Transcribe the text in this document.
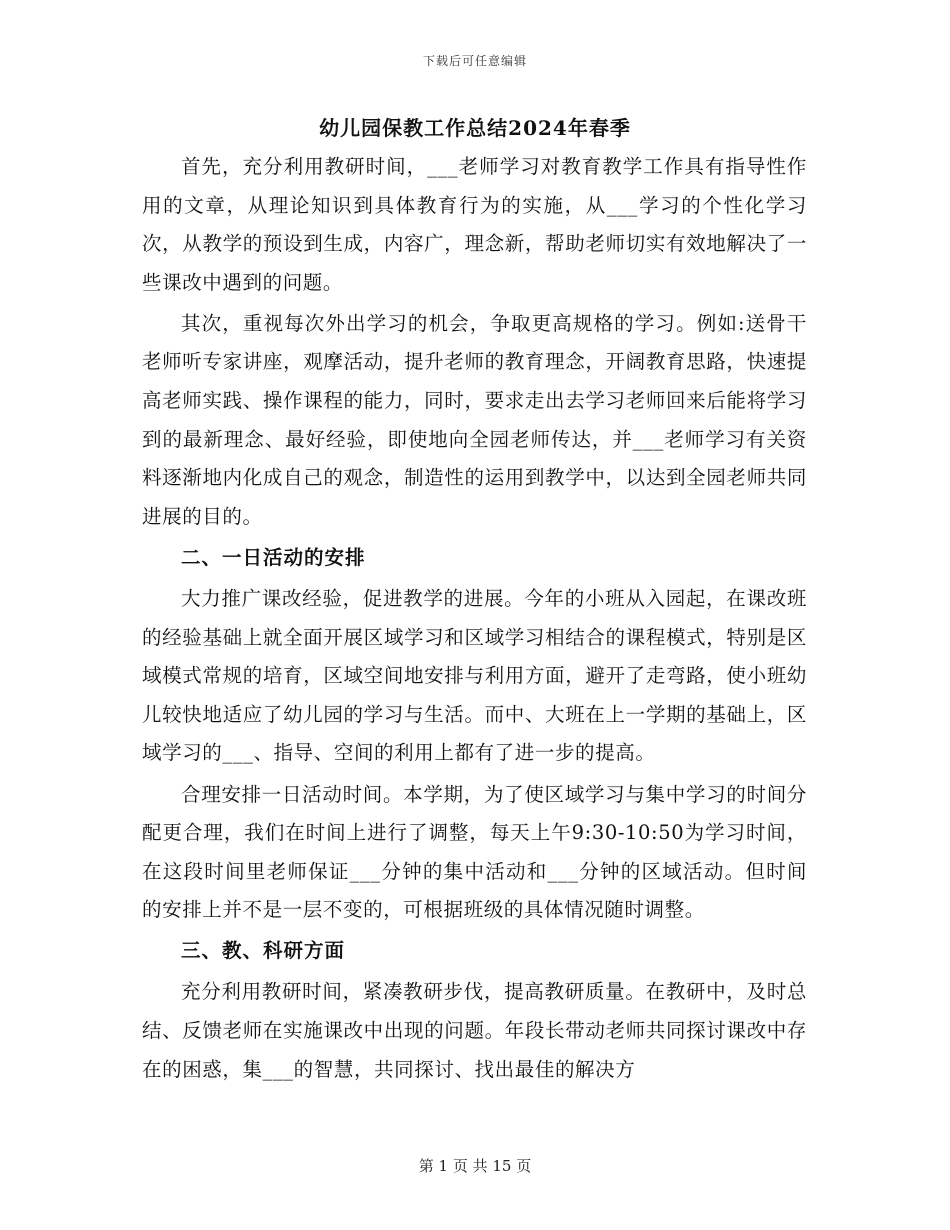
下载后可任意编辑
幼儿园保教工作总结2024年春季

首先，充分利用教研时间，___老师学习对教育教学工作具有指导性作用的文章，从理论知识到具体教育行为的实施，从___学习的个性化学习次，从教学的预设到生成，内容广，理念新，帮助老师切实有效地解决了一些课改中遇到的问题。

其次，重视每次外出学习的机会，争取更高规格的学习。例如:送骨干老师听专家讲座，观摩活动，提升老师的教育理念，开阔教育思路，快速提高老师实践、操作课程的能力，同时，要求走出去学习老师回来后能将学习到的最新理念、最好经验，即使地向全园老师传达，并___老师学习有关资料逐渐地内化成自己的观念，制造性的运用到教学中，以达到全园老师共同进展的目的。

二、一日活动的安排

大力推广课改经验，促进教学的进展。今年的小班从入园起，在课改班的经验基础上就全面开展区域学习和区域学习相结合的课程模式，特别是区域模式常规的培育，区域空间地安排与利用方面，避开了走弯路，使小班幼儿较快地适应了幼儿园的学习与生活。而中、大班在上一学期的基础上，区域学习的___、指导、空间的利用上都有了进一步的提高。

合理安排一日活动时间。本学期，为了使区域学习与集中学习的时间分配更合理，我们在时间上进行了调整，每天上午9:30-10:50为学习时间，在这段时间里老师保证___分钟的集中活动和___分钟的区域活动。但时间的安排上并不是一层不变的，可根据班级的具体情况随时调整。

三、教、科研方面

充分利用教研时间，紧凑教研步伐，提高教研质量。在教研中，及时总结、反馈老师在实施课改中出现的问题。年段长带动老师共同探讨课改中存在的困惑，集___的智慧，共同探讨、找出最佳的解决方

第 1 页 共 15 页
